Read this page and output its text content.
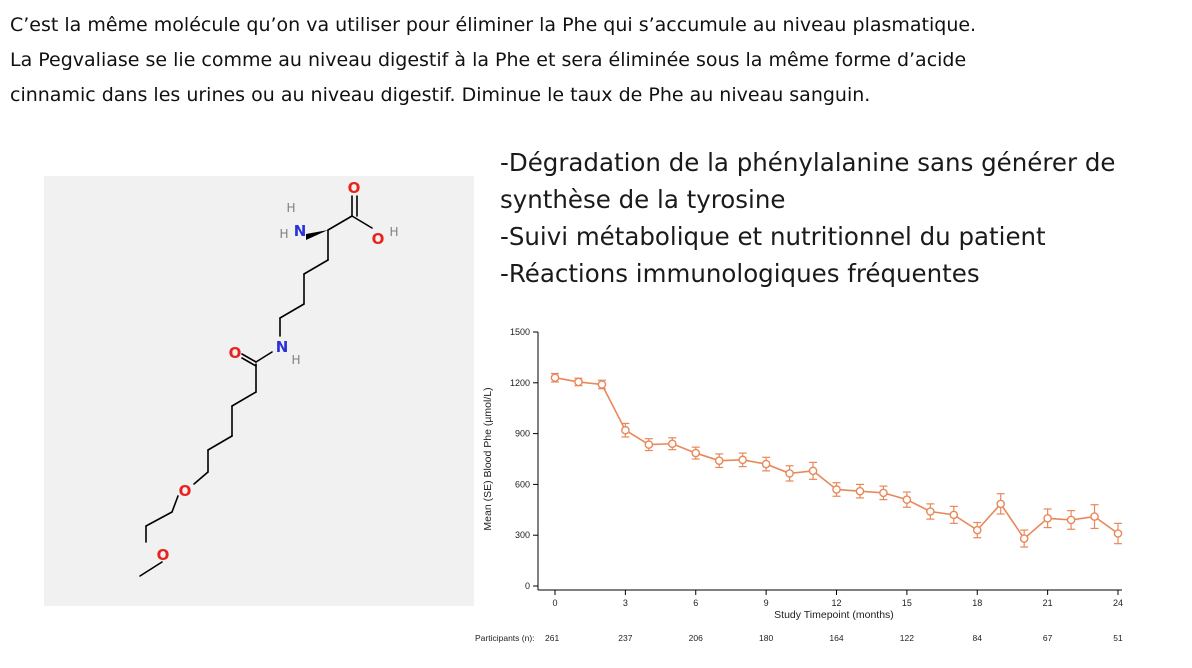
C’est la même molécule qu’on va utiliser pour éliminer la Phe qui s’accumule au niveau plasmatique.

La Pegvaliase se lie comme au niveau digestif à la Phe et sera éliminée sous la même forme d’acide

cinnamic dans les urines ou au niveau digestif. Diminue le taux de Phe au niveau sanguin.

H
N
H
O
O H
N
H
O
O
O
-Dégradation de la phénylalanine sans générer de
synthèse de la tyrosine
-Suivi métabolique et nutritionnel du patient
-Réactions immunologiques fréquentes
0
300
600
900
1200
1500
0	3	6	9	12	15	18	21	24
Mean (SE) Blood Phe (µmol/L)
Study Timepoint (months)
Participants (n): 261	237	206	180	164	122	84	67	51
